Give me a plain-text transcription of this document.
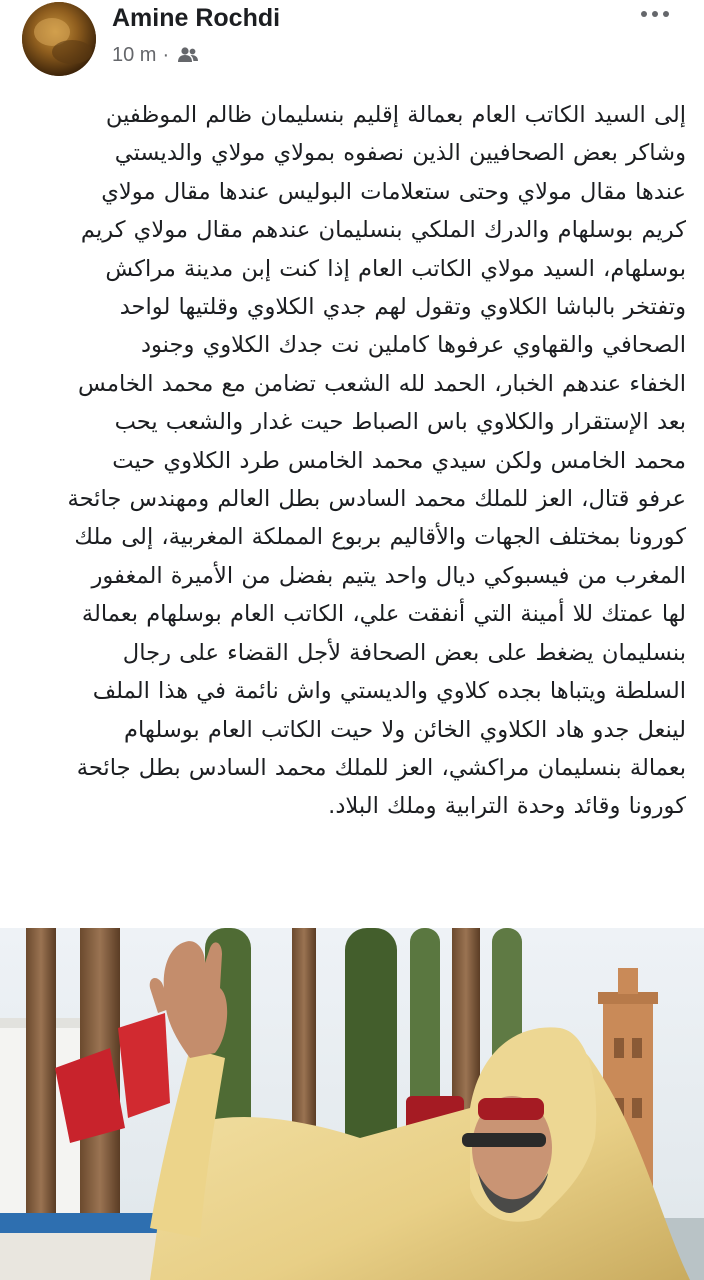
Amine Rochdi
10 m ·
إلى السيد الكاتب العام بعمالة إقليم بنسليمان ظالم الموظفين
وشاكر بعض الصحافيين الذين نصفوه بمولاي مولاي والديستي
عندها مقال مولاي وحتى ستعلامات البوليس عندها مقال مولاي
كريم بوسلهام والدرك الملكي بنسليمان عندهم مقال مولاي كريم
بوسلهام، السيد مولاي الكاتب العام إذا كنت إبن مدينة مراكش
وتفتخر بالباشا الكلاوي وتقول لهم جدي الكلاوي وقلتيها لواحد
الصحافي والقهاوي عرفوها كاملين نت جدك الكلاوي وجنود
الخفاء عندهم الخبار، الحمد لله الشعب تضامن مع محمد الخامس
بعد الإستقرار والكلاوي باس الصباط حيت غدار والشعب يحب
محمد الخامس ولكن سيدي محمد الخامس طرد الكلاوي حيت
عرفو قتال، العز للملك محمد السادس بطل العالم ومهندس جائحة
كورونا بمختلف الجهات والأقاليم بربوع المملكة المغربية، إلى ملك
المغرب من فيسبوكي ديال واحد يتيم بفضل من الأميرة المغفور
لها عمتك للا أمينة التي أنفقت علي، الكاتب العام بوسلهام بعمالة
بنسليمان يضغط على بعض الصحافة لأجل القضاء على رجال
السلطة ويتباها بجده كلاوي والديستي واش نائمة في هذا الملف
لينعل جدو هاد الكلاوي الخائن ولا حيت الكاتب العام بوسلهام
بعمالة بنسليمان مراكشي، العز للملك محمد السادس بطل جائحة
كورونا وقائد وحدة الترابية وملك البلاد.
